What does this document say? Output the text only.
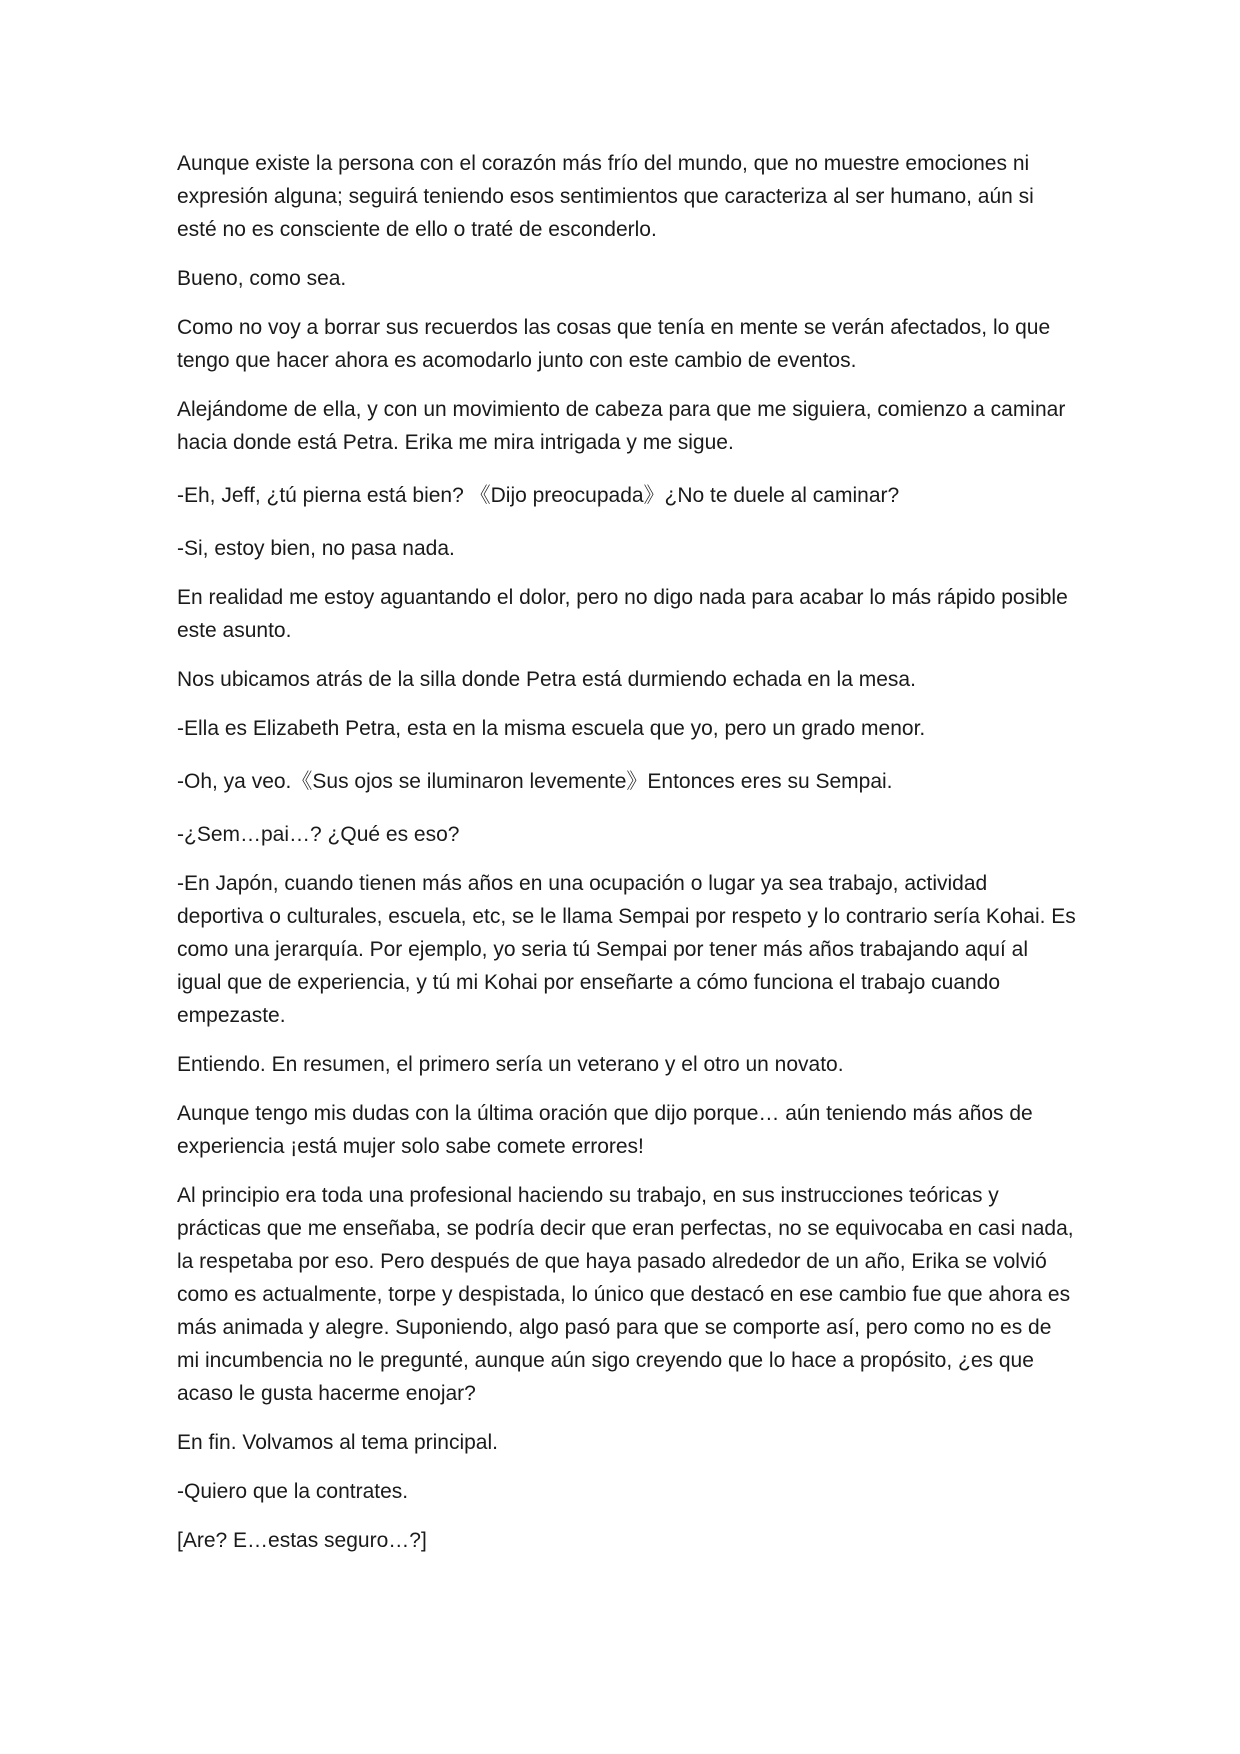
Aunque existe la persona con el corazón más frío del mundo, que no muestre emociones ni expresión alguna; seguirá teniendo esos sentimientos que caracteriza al ser humano, aún si esté no es consciente de ello o traté de esconderlo.

Bueno, como sea.

Como no voy a borrar sus recuerdos las cosas que tenía en mente se verán afectados, lo que tengo que hacer ahora es acomodarlo junto con este cambio de eventos.

Alejándome de ella, y con un movimiento de cabeza para que me siguiera, comienzo a caminar hacia donde está Petra. Erika me mira intrigada y me sigue.

-Eh, Jeff, ¿tú pierna está bien? 《Dijo preocupada》¿No te duele al caminar?

-Si, estoy bien, no pasa nada.

En realidad me estoy aguantando el dolor, pero no digo nada para acabar lo más rápido posible este asunto.

Nos ubicamos atrás de la silla donde Petra está durmiendo echada en la mesa.

-Ella es Elizabeth Petra, esta en la misma escuela que yo, pero un grado menor.

-Oh, ya veo.《Sus ojos se iluminaron levemente》Entonces eres su Sempai.

-¿Sem…pai…? ¿Qué es eso?

-En Japón, cuando tienen más años en una ocupación o lugar ya sea trabajo, actividad deportiva o culturales, escuela, etc, se le llama Sempai por respeto y lo contrario sería Kohai. Es como una jerarquía. Por ejemplo, yo seria tú Sempai por tener más años trabajando aquí al igual que de experiencia, y tú mi Kohai por enseñarte a cómo funciona el trabajo cuando empezaste.

Entiendo. En resumen, el primero sería un veterano y el otro un novato.

Aunque tengo mis dudas con la última oración que dijo porque… aún teniendo más años de experiencia ¡está mujer solo sabe comete errores!

Al principio era toda una profesional haciendo su trabajo, en sus instrucciones teóricas y prácticas que me enseñaba, se podría decir que eran perfectas, no se equivocaba en casi nada, la respetaba por eso. Pero después de que haya pasado alrededor de un año, Erika se volvió como es actualmente, torpe y despistada, lo único que destacó en ese cambio fue que ahora es más animada y alegre. Suponiendo, algo pasó para que se comporte así, pero como no es de mi incumbencia no le pregunté, aunque aún sigo creyendo que lo hace a propósito, ¿es que acaso le gusta hacerme enojar?

En fin. Volvamos al tema principal.

-Quiero que la contrates.

[Are? E…estas seguro…?]
